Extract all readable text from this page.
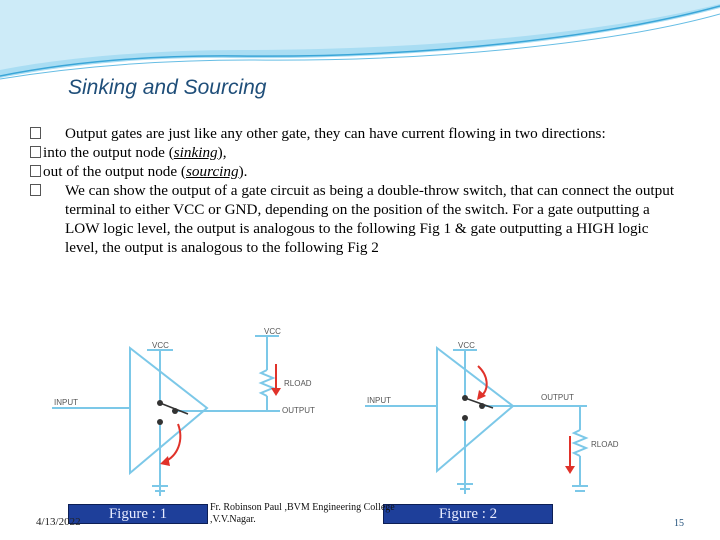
Sinking and Sourcing
Output gates are just like any other gate, they can have current flowing in two directions:
into the output node (sinking),
out of the output node (sourcing).
We can show the output of a gate circuit as being a double-throw switch, that can connect the output terminal to either VCC or GND, depending on the position of the switch. For a gate outputting a LOW logic level, the output is analogous to the following Fig 1 & gate outputting a HIGH logic level, the output is analogous to the following Fig 2
VCC
VCC
INPUT
RLOAD
OUTPUT
Figure : 1
VCC
INPUT	OUTPUT
RLOAD
Figure : 2
4/13/2022
Fr. Robinson Paul ,BVM Engineering College
,V.V.Nagar.	15
